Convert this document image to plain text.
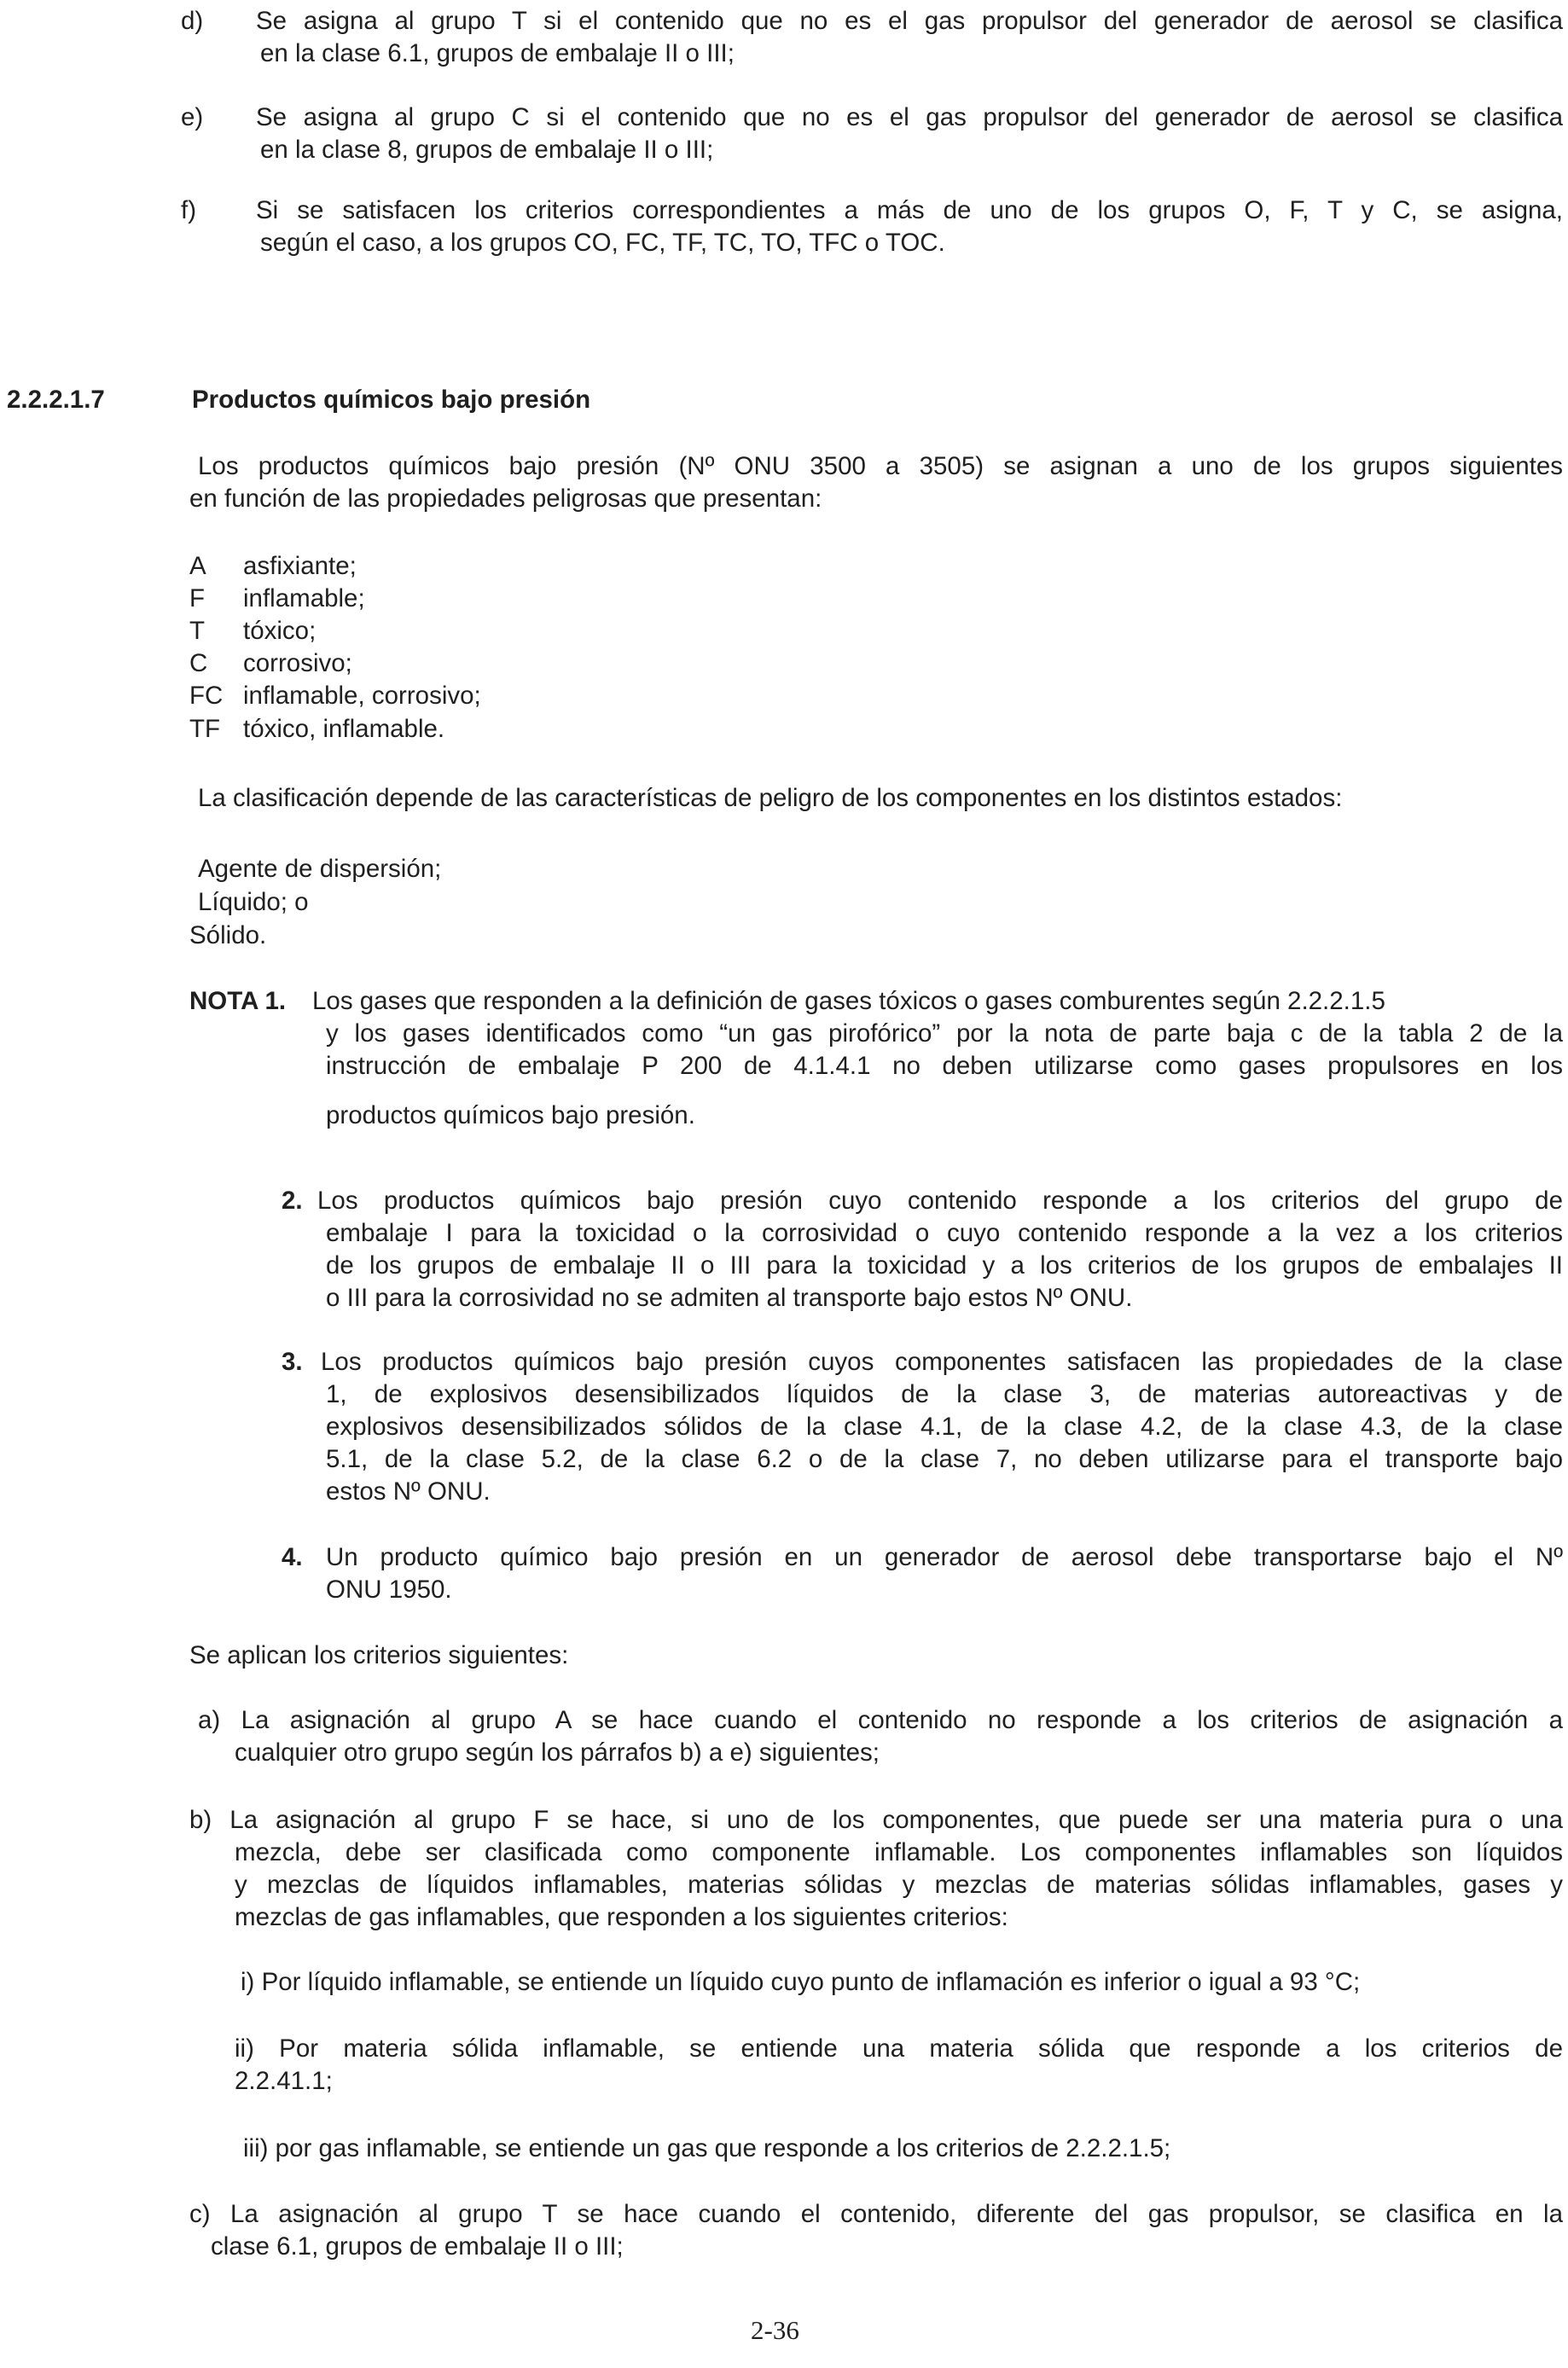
d) Se asigna al grupo T si el contenido que no es el gas propulsor del generador de aerosol se clasifica
en la clase 6.1, grupos de embalaje II o III;
e) Se asigna al grupo C si el contenido que no es el gas propulsor del generador de aerosol se clasifica
en la clase 8, grupos de embalaje II o III;
f) Si se satisfacen los criterios correspondientes a más de uno de los grupos O, F, T y C, se asigna,
según el caso, a los grupos CO, FC, TF, TC, TO, TFC o TOC.
2.2.2.1.7	Productos químicos bajo presión
Los productos químicos bajo presión (Nº ONU 3500 a 3505) se asignan a uno de los grupos siguientes
en función de las propiedades peligrosas que presentan:
A asfixiante;
F inflamable;
T tóxico;
C corrosivo;
FC inflamable, corrosivo;
TF tóxico, inflamable.
La clasificación depende de las características de peligro de los componentes en los distintos estados:
Agente de dispersión;
Líquido; o
Sólido.
NOTA 1. Los gases que responden a la definición de gases tóxicos o gases comburentes según 2.2.2.1.5
y los gases identificados como “un gas pirofórico” por la nota de parte baja c de la tabla 2 de la
instrucción de embalaje P 200 de 4.1.4.1 no deben utilizarse como gases propulsores en los
productos químicos bajo presión.
2. Los productos químicos bajo presión cuyo contenido responde a los criterios del grupo de
embalaje I para la toxicidad o la corrosividad o cuyo contenido responde a la vez a los criterios
de los grupos de embalaje II o III para la toxicidad y a los criterios de los grupos de embalajes II
o III para la corrosividad no se admiten al transporte bajo estos Nº ONU.
3. Los productos químicos bajo presión cuyos componentes satisfacen las propiedades de la clase
1, de explosivos desensibilizados líquidos de la clase 3, de materias autoreactivas y de
explosivos desensibilizados sólidos de la clase 4.1, de la clase 4.2, de la clase 4.3, de la clase
5.1, de la clase 5.2, de la clase 6.2 o de la clase 7, no deben utilizarse para el transporte bajo
estos Nº ONU.
4. Un producto químico bajo presión en un generador de aerosol debe transportarse bajo el Nº
ONU 1950.
Se aplican los criterios siguientes:
a) La asignación al grupo A se hace cuando el contenido no responde a los criterios de asignación a
cualquier otro grupo según los párrafos b) a e) siguientes;
b) La asignación al grupo F se hace, si uno de los componentes, que puede ser una materia pura o una
mezcla, debe ser clasificada como componente inflamable. Los componentes inflamables son líquidos
y mezclas de líquidos inflamables, materias sólidas y mezclas de materias sólidas inflamables, gases y
mezclas de gas inflamables, que responden a los siguientes criterios:
i) Por líquido inflamable, se entiende un líquido cuyo punto de inflamación es inferior o igual a 93 °C;
ii) Por materia sólida inflamable, se entiende una materia sólida que responde a los criterios de
2.2.41.1;
iii) por gas inflamable, se entiende un gas que responde a los criterios de 2.2.2.1.5;
c) La asignación al grupo T se hace cuando el contenido, diferente del gas propulsor, se clasifica en la
clase 6.1, grupos de embalaje II o III;
2-36
